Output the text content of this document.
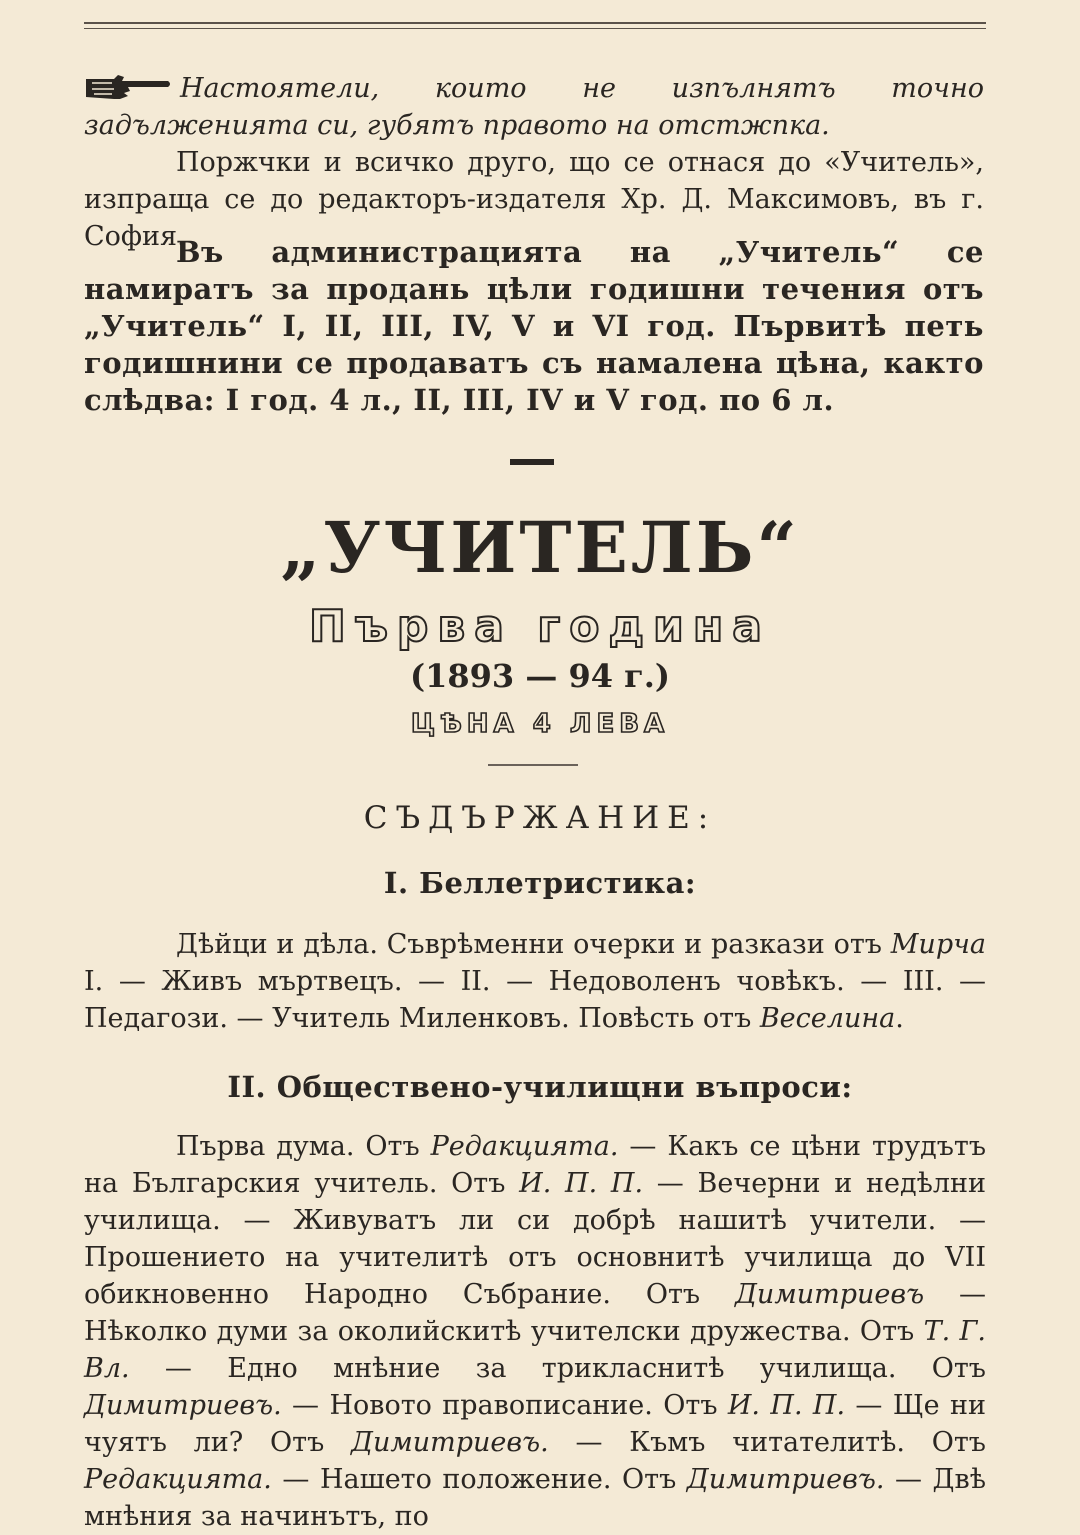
Настоятели, които не изпълнятъ точно задълженията си, губятъ правото на отстжпка.
Поржчки и всичко друго, що се отнася до «Учитель», изпраща се до редакторъ-издателя Хр. Д. Максимовъ, въ г. София.
Въ администрацията на „Учитель“ се намиратъ за продань цѣли годишни течения отъ „Учитель“ I, II, III, IV, V и VI год. Първитѣ петь годишнини се продаватъ съ намалена цѣна, както слѣдва: I год. 4 л., II, III, IV и V год. по 6 л.
„УЧИТЕЛЬ“
Първа година
(1893 — 94 г.)
ЦѢНА 4 ЛЕВА
СЪДЪРЖАНИЕ:
I. Беллетристика:
Дѣйци и дѣла. Съврѣменни очерки и разкази отъ Мирча I. — Живъ мъртвецъ. — II. — Недоволенъ човѣкъ. — III. — Педагози. — Учитель Миленковъ. Повѣсть отъ Веселина.
II. Обществено-училищни въпроси:
Първа дума. Отъ Редакцията. — Какъ се цѣни трудътъ на Българския учитель. Отъ И. П. П. — Вечерни и недѣлни училища. — Живуватъ ли си добрѣ нашитѣ учители. — Прошението на учителитѣ отъ основнитѣ училища до VII обикновенно Народно Събрание. Отъ Димитриевъ — Нѣколко думи за околийскитѣ учителски дружества. Отъ Т. Г. Вл. — Едно мнѣние за трикласнитѣ училища. Отъ Димитриевъ. — Новото правописание. Отъ И. П. П. — Ще ни чуятъ ли? Отъ Димитриевъ. — Къмъ читателитѣ. Отъ Редакцията. — Нашето положение. Отъ Димитриевъ. — Двѣ мнѣния за начинътъ, по
